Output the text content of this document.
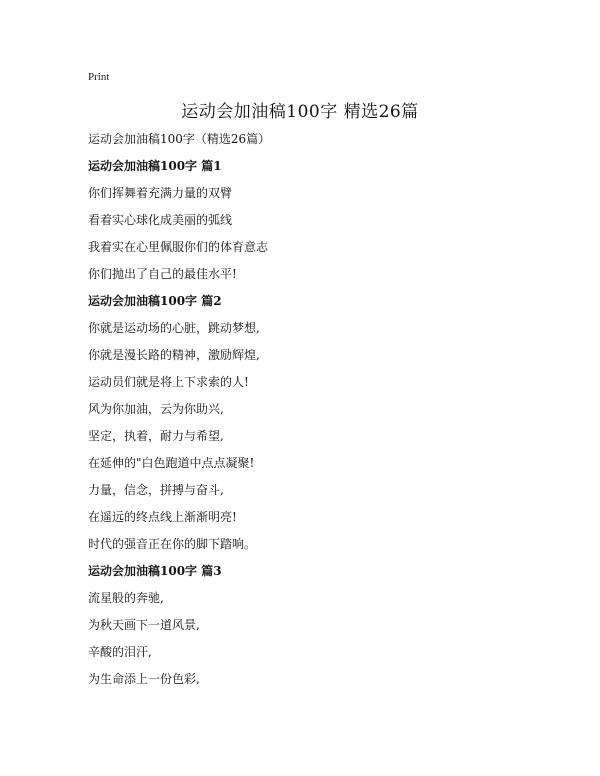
Print
运动会加油稿100字 精选26篇
运动会加油稿100字（精选26篇）
运动会加油稿100字 篇1
你们挥舞着充满力量的双臂
看着实心球化成美丽的弧线
我着实在心里佩服你们的体育意志
你们抛出了自己的最佳水平!
运动会加油稿100字 篇2
你就是运动场的心脏，跳动梦想,
你就是漫长路的精神，激励辉煌,
运动员们就是将上下求索的人!
风为你加油，云为你助兴,
坚定，执着，耐力与希望,
在延伸的"白色跑道中点点凝聚!
力量，信念，拼搏与奋斗,
在遥远的终点线上渐渐明亮!
时代的强音正在你的脚下踏响。
运动会加油稿100字 篇3
流星般的奔驰,
为秋天画下一道风景,
辛酸的泪汗,
为生命添上一份色彩,
